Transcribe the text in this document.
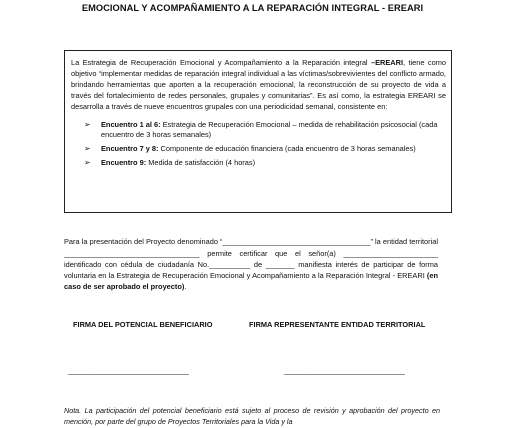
EMOCIONAL Y ACOMPAÑAMIENTO A LA REPARACIÓN INTEGRAL - EREARI

La Estrategia de Recuperación Emocional y Acompañamiento a la Reparación integral –EREARI, tiene como objetivo “implementar medidas de reparación integral individual a las víctimas/sobrevivientes del conflicto armado, brindando herramientas que aporten a la recuperación emocional, la reconstrucción de su proyecto de vida a través del fortalecimiento de redes personales, grupales y comunitarias”. Es así como, la estrategia EREARI se desarrolla a través de nueve encuentros grupales con una periodicidad semanal, consistente en:

➢ Encuentro 1 al 6: Estrategia de Recuperación Emocional – medida de rehabilitación psicosocial (cada encuentro de 3 horas semanales)
➢ Encuentro 7 y 8: Componente de educación financiera (cada encuentro de 3 horas semanales)
➢ Encuentro 9: Medida de satisfacción (4 horas)

Para la presentación del Proyecto denominado “____________________________________” la entidad territorial _________________________________ permite certificar que el señor(a) _______________________ identificado con cédula de ciudadanía No.__________ de _______ manifiesta interés de participar de forma voluntaria en la Estrategia de Recuperación Emocional y Acompañamiento a la Reparación Integral - EREARI (en caso de ser aprobado el proyecto).

FIRMA DEL POTENCIAL BENEFICIARIO	FIRMA REPRESENTANTE ENTIDAD TERRITORIAL
________________________________	________________________________

Nota. La participación del potencial beneficiario está sujeto al proceso de revisión y aprobación del proyecto en mención, por parte del grupo de Proyectos Territoriales para la Vida y la
